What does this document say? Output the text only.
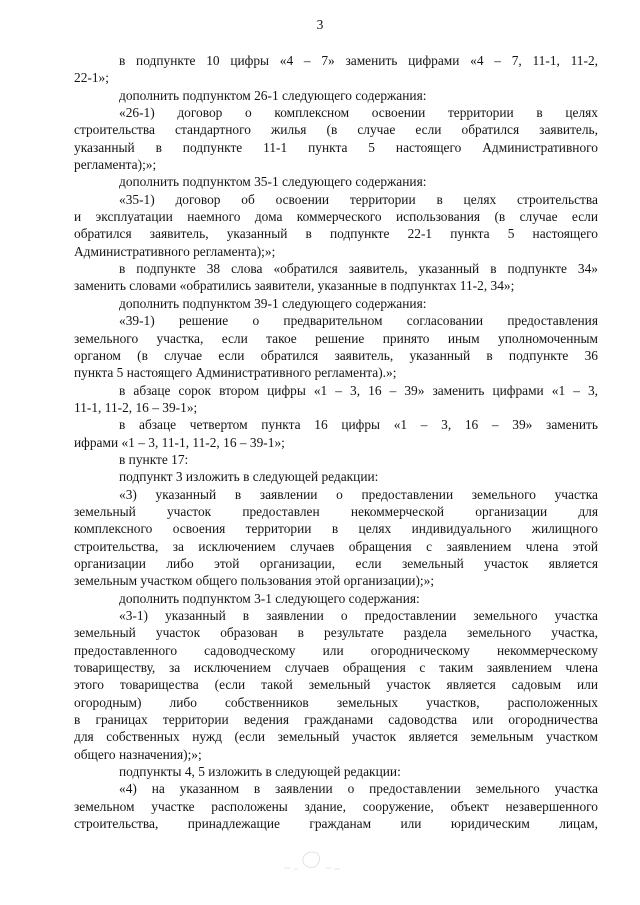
3
в подпункте 10 цифры «4 – 7» заменить цифрами «4 – 7, 11-1, 11-2,
22-1»;
дополнить подпунктом 26-1 следующего содержания:
«26-1) договор о комплексном освоении территории в целях
строительства стандартного жилья (в случае если обратился заявитель,
указанный в подпункте 11-1 пункта 5 настоящего Административного
регламента);»;
дополнить подпунктом 35-1 следующего содержания:
«35-1) договор об освоении территории в целях строительства
и эксплуатации наемного дома коммерческого использования (в случае если
обратился заявитель, указанный в подпункте 22-1 пункта 5 настоящего
Административного регламента);»;
в подпункте 38 слова «обратился заявитель, указанный в подпункте 34»
заменить словами «обратились заявители, указанные в подпунктах 11-2, 34»;
дополнить подпунктом 39-1 следующего содержания:
«39-1) решение о предварительном согласовании предоставления
земельного участка, если такое решение принято иным уполномоченным
органом (в случае если обратился заявитель, указанный в подпункте 36
пункта 5 настоящего Административного регламента).»;
в абзаце сорок втором цифры «1 – 3, 16 – 39» заменить цифрами «1 – 3,
11-1, 11-2, 16 – 39-1»;
в абзаце четвертом пункта 16 цифры «1 – 3, 16 – 39» заменить
ифрами «1 – 3, 11-1, 11-2, 16 – 39-1»;
в пункте 17:
подпункт 3 изложить в следующей редакции:
«3) указанный в заявлении о предоставлении земельного участка
земельный участок предоставлен некоммерческой организации для
комплексного освоения территории в целях индивидуального жилищного
строительства, за исключением случаев обращения с заявлением члена этой
организации либо этой организации, если земельный участок является
земельным участком общего пользования этой организации);»;
дополнить подпунктом 3-1 следующего содержания:
«3-1) указанный в заявлении о предоставлении земельного участка
земельный участок образован в результате раздела земельного участка,
предоставленного садоводческому или огородническому некоммерческому
товариществу, за исключением случаев обращения с таким заявлением члена
этого товарищества (если такой земельный участок является садовым или
огородным) либо собственников земельных участков, расположенных
в границах территории ведения гражданами садоводства или огородничества
для собственных нужд (если земельный участок является земельным участком
общего назначения);»;
подпункты 4, 5 изложить в следующей редакции:
«4) на указанном в заявлении о предоставлении земельного участка
земельном участке расположены здание, сооружение, объект незавершенного
строительства, принадлежащие гражданам или юридическим лицам,
